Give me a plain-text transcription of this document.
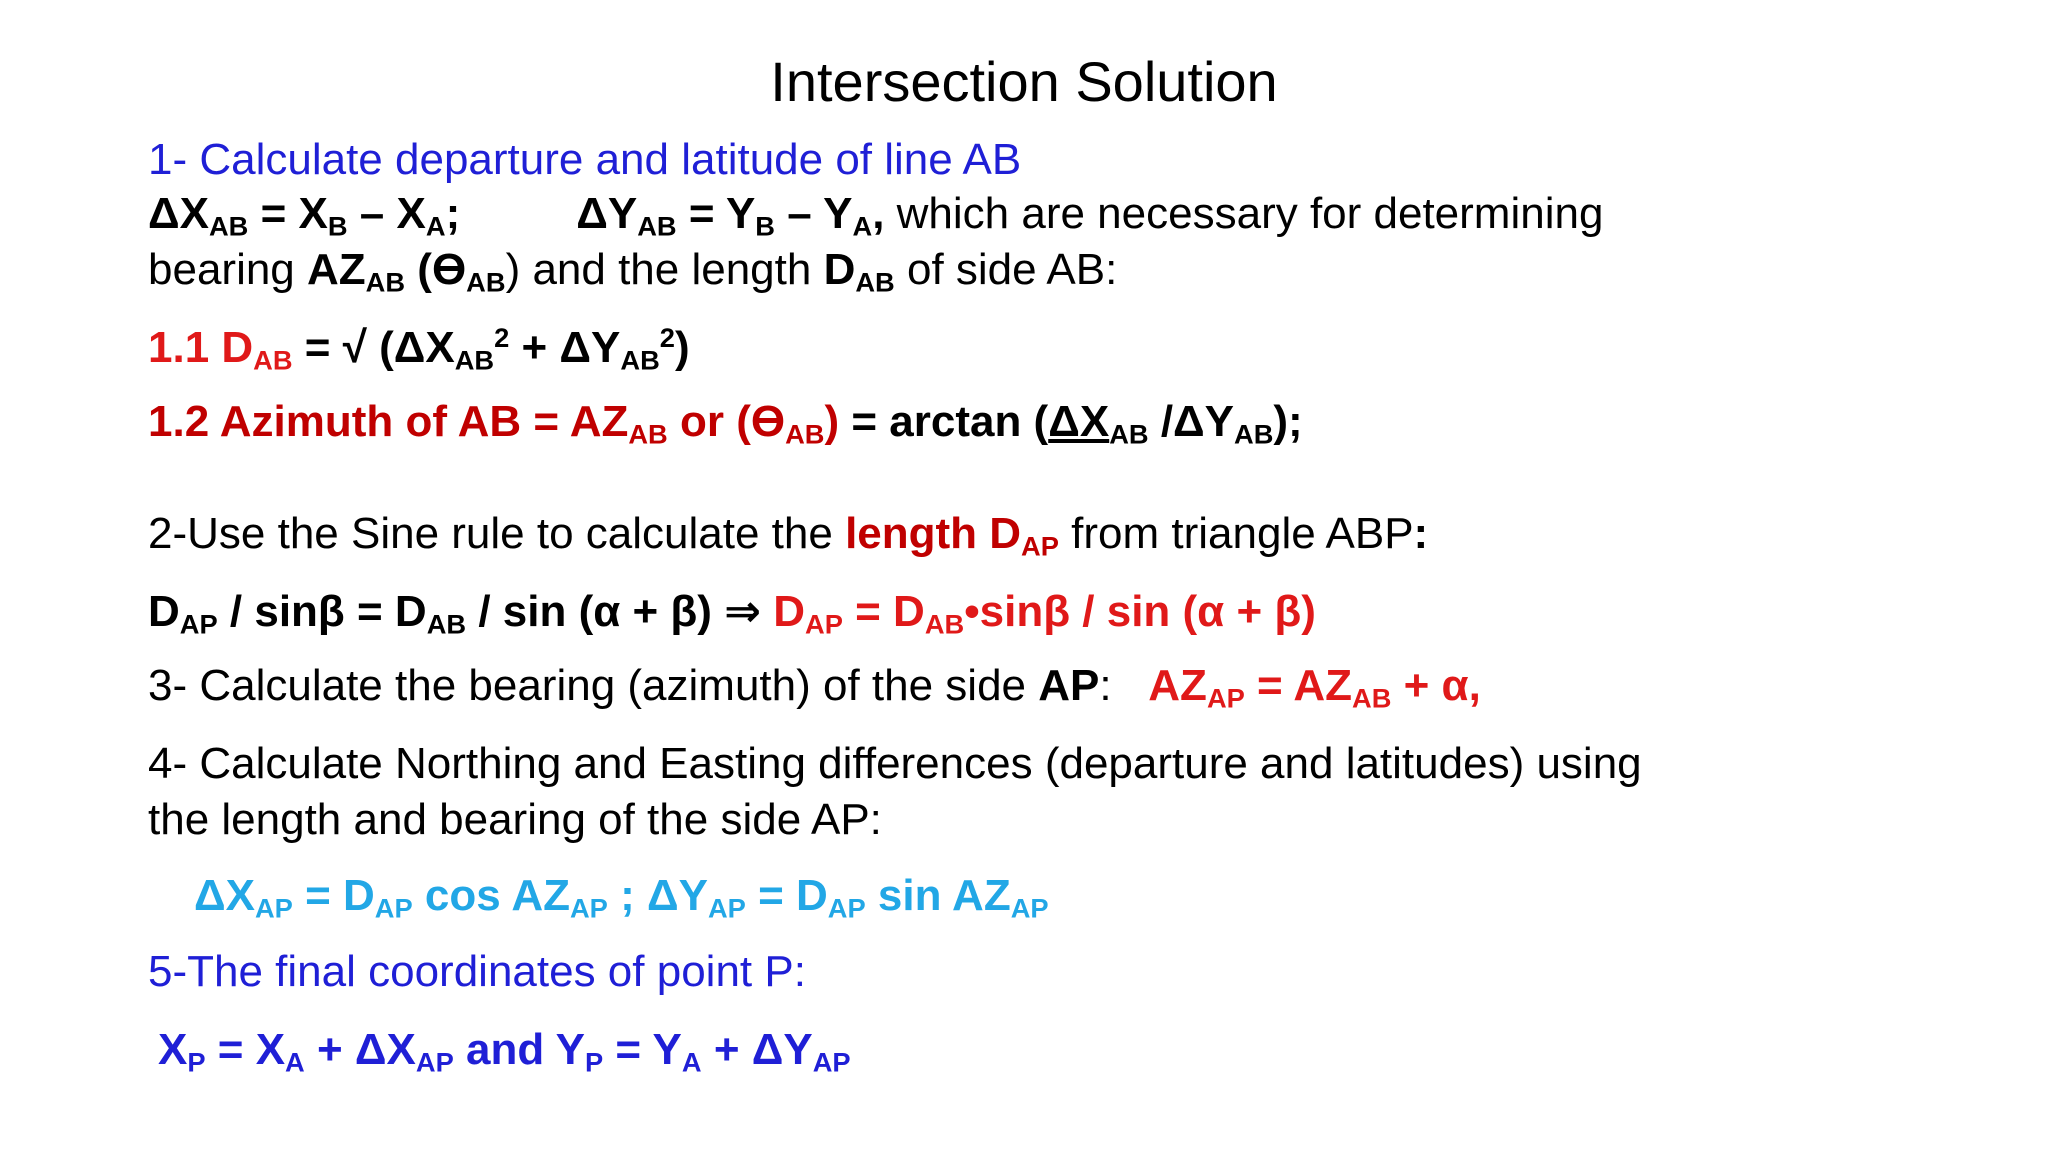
Intersection Solution
1- Calculate departure and latitude of line AB
$\Delta X_{AB} = X_B - X_A$;	$\Delta Y_{AB} = Y_B - Y_A$, which are necessary for determining
bearing $AZ_{AB}$ $(Ө_{AB})$ and the length $D_{AB}$ of side AB:
1.1 $D_{AB}$ = √ $(\Delta X_{AB}^2 + \Delta Y_{AB}^2)$
1.2 Azimuth of AB = $AZ_{AB}$ or $(Ө_{AB}) = \arctan (\Delta X_{AB}$ $/\Delta Y_{AB}$);
2-Use the Sine rule to calculate the length $D_{AP}$ from triangle ABP:
$D_{AP} / \sin\beta = D_{AB} / \sin (\alpha + \beta)$ ⇒ $D_{AP}$ = $D_{AB}•\sin\beta / \sin (\alpha + \beta)$
3- Calculate the bearing (azimuth) of the side AP:   $AZ_{AP} = AZ_{AB} + \alpha$,
4- Calculate Northing and Easting differences (departure and latitudes) using
the length and bearing of the side AP:
$\Delta X_{AP} = D_{AP}$ $\cos AZ_{AP}$ ; $\Delta Y_{AP} = D_{AP}$ $\sin AZ_{AP}$
5-The final coordinates of point P:
$X_P = X_A + \Delta X_{AP}$ and $Y_P = Y_A + \Delta Y_{AP}$
